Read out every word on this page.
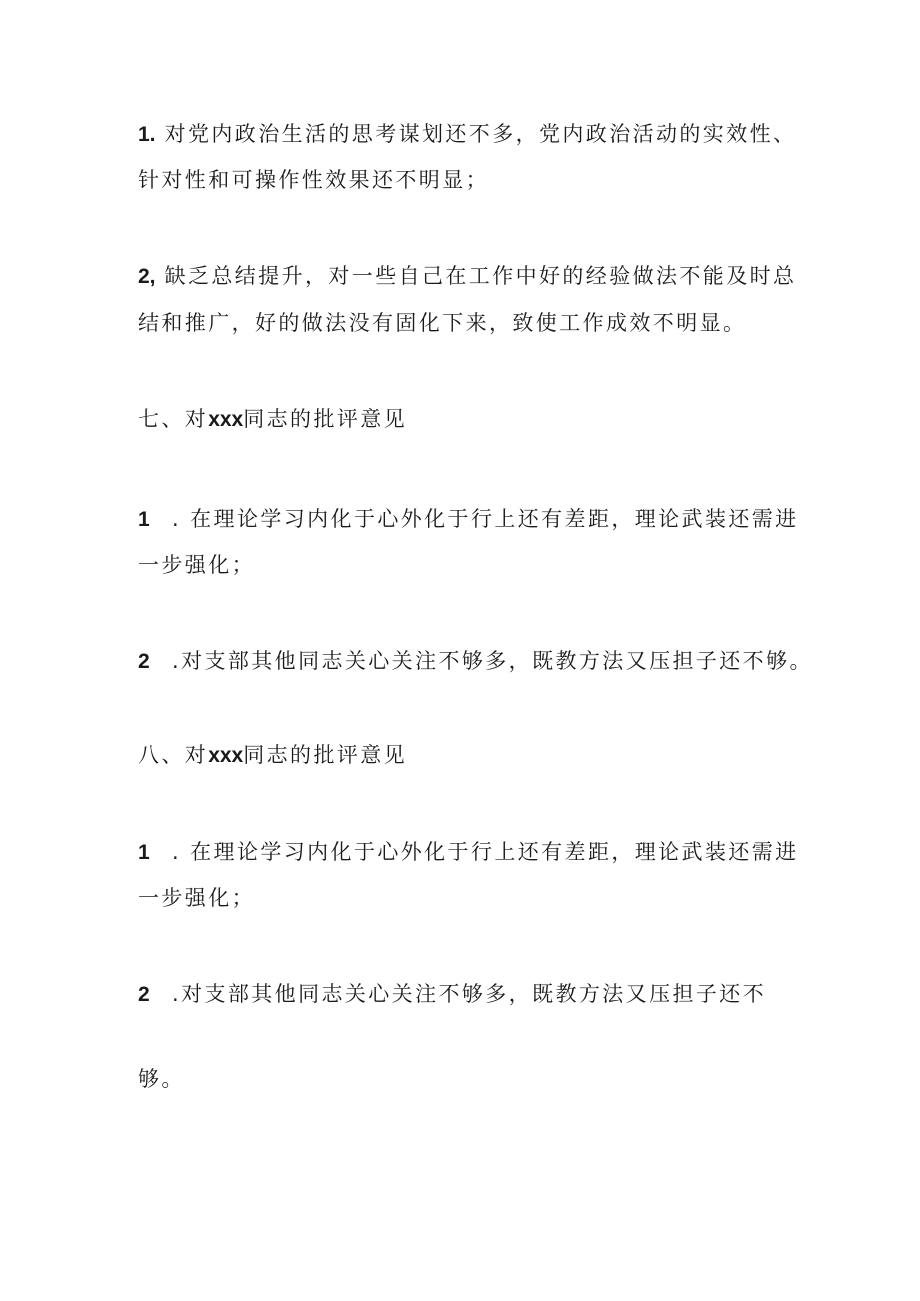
1. 对党内政治生活的思考谋划还不多，党内政治活动的实效性、
针对性和可操作性效果还不明显；
2, 缺乏总结提升，对一些自己在工作中好的经验做法不能及时总
结和推广，好的做法没有固化下来，致使工作成效不明显。
七、对xxx同志的批评意见
1 . 在理论学习内化于心外化于行上还有差距，理论武装还需进
一步强化；
2 .对支部其他同志关心关注不够多，既教方法又压担子还不够。
八、对xxx同志的批评意见
1 . 在理论学习内化于心外化于行上还有差距，理论武装还需进
一步强化；
2 .对支部其他同志关心关注不够多，既教方法又压担子还不
够。
